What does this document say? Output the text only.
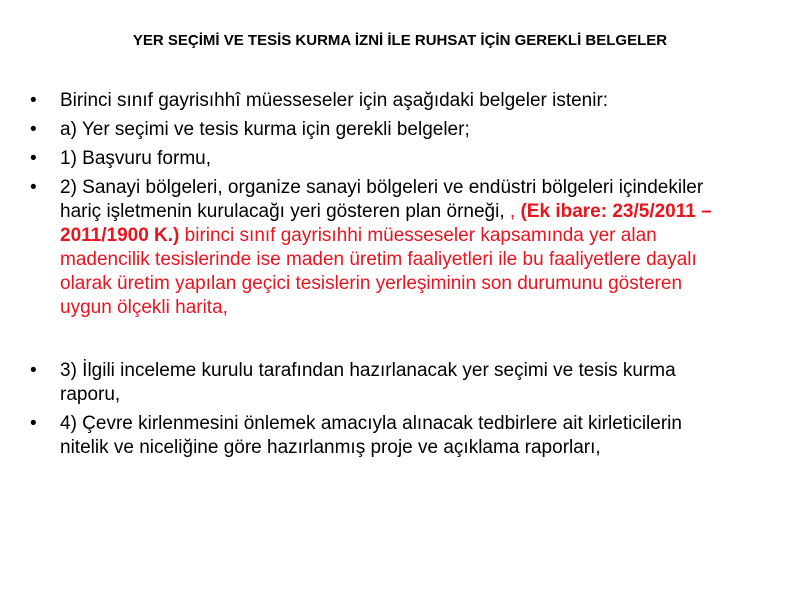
YER SEÇİMİ VE TESİS KURMA İZNİ İLE RUHSAT İÇİN GEREKLİ BELGELER
• Birinci sınıf gayrisıhhî müesseseler için aşağıdaki belgeler istenir:
• a) Yer seçimi ve tesis kurma için gerekli belgeler;
• 1) Başvuru formu,
• 2) Sanayi bölgeleri, organize sanayi bölgeleri ve endüstri bölgeleri içindekiler hariç işletmenin kurulacağı yeri gösteren plan örneği, , (Ek ibare: 23/5/2011 – 2011/1900 K.) birinci sınıf gayrisıhhi müesseseler kapsamında yer alan madencilik tesislerinde ise maden üretim faaliyetleri ile bu faaliyetlere dayalı olarak üretim yapılan geçici tesislerin yerleşiminin son durumunu gösteren uygun ölçekli harita,
• 3) İlgili inceleme kurulu tarafından hazırlanacak yer seçimi ve tesis kurma raporu,
• 4) Çevre kirlenmesini önlemek amacıyla alınacak tedbirlere ait kirleticilerin nitelik ve niceliğine göre hazırlanmış proje ve açıklama raporları,
